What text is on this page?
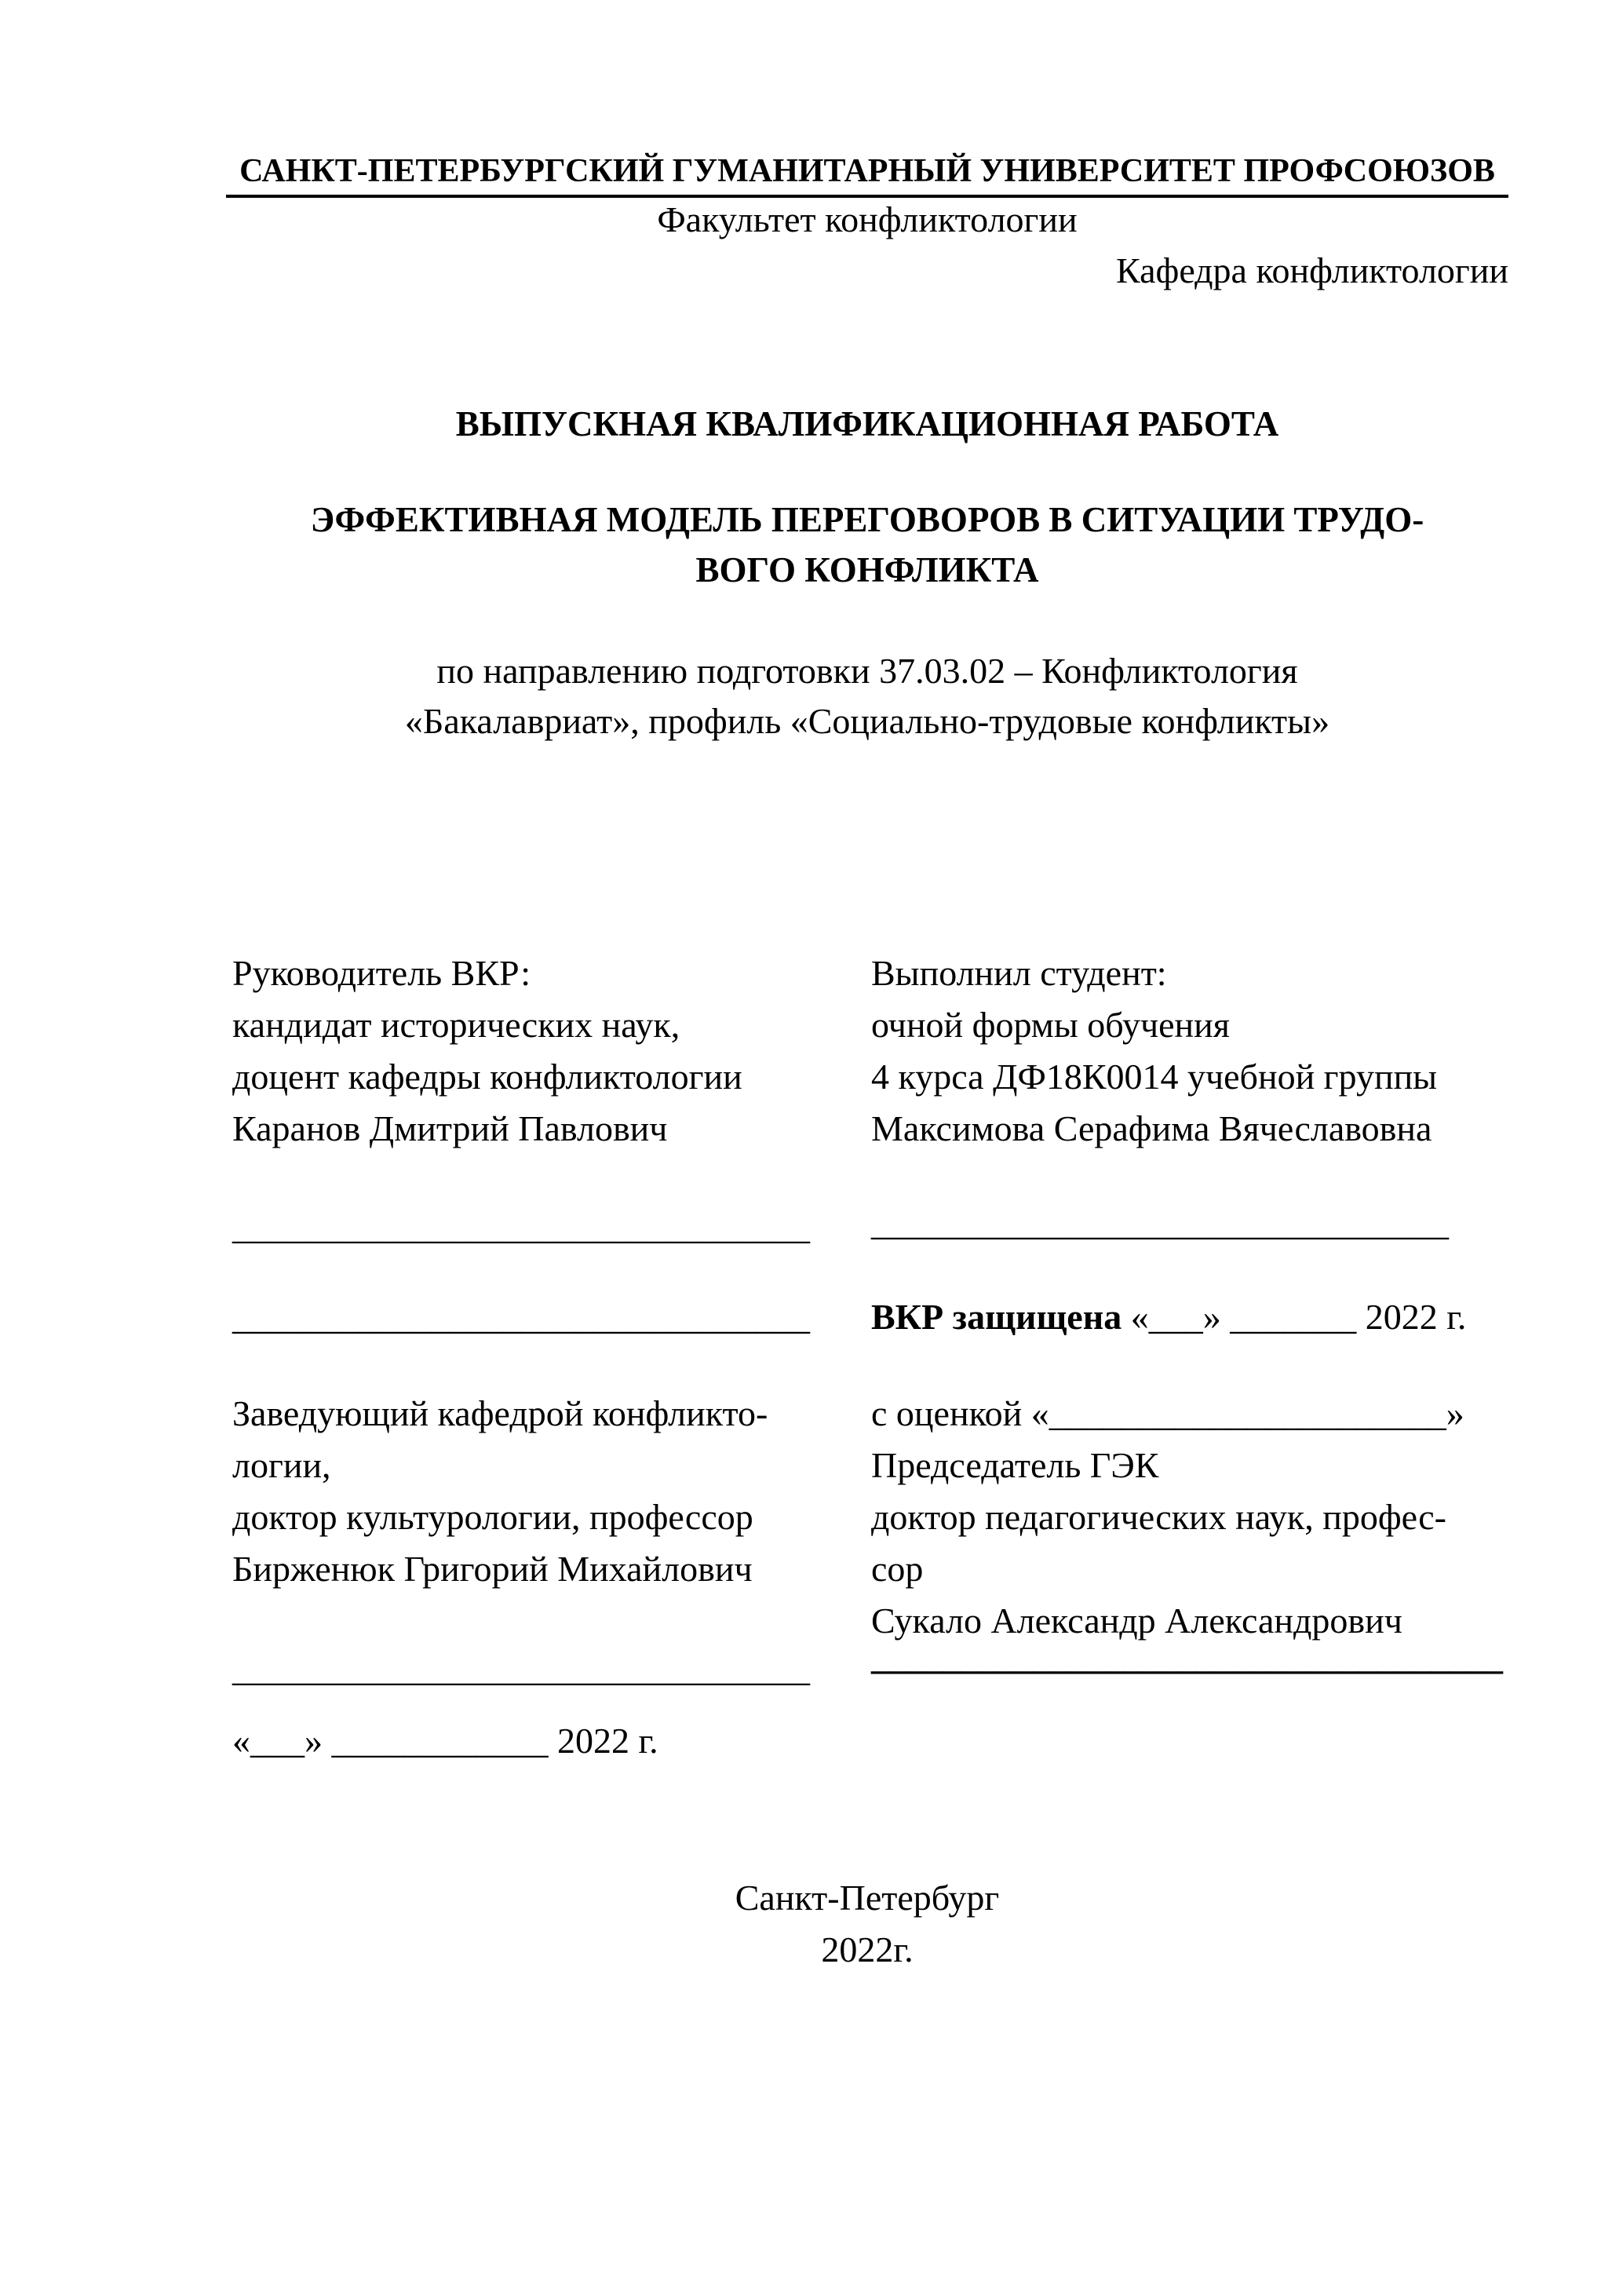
САНКТ-ПЕТЕРБУРГСКИЙ ГУМАНИТАРНЫЙ УНИВЕРСИТЕТ ПРОФСОЮЗОВ
Факультет конфликтологии
Кафедра конфликтологии
ВЫПУСКНАЯ КВАЛИФИКАЦИОННАЯ РАБОТА
ЭФФЕКТИВНАЯ МОДЕЛЬ ПЕРЕГОВОРОВ В СИТУАЦИИ ТРУДО-
ВОГО КОНФЛИКТА
по направлению подготовки 37.03.02 – Конфликтология
«Бакалавриат», профиль «Социально-трудовые конфликты»
Руководитель ВКР:
кандидат исторических наук,
доцент кафедры конфликтологии
Каранов Дмитрий Павлович
________________________________
________________________________
Заведующий кафедрой конфликто-
логии,
доктор культурологии, профессор
Бирженюк Григорий Михайлович
________________________________
«___» ____________ 2022 г.
Выполнил студент:
очной формы обучения
4 курса ДФ18К0014 учебной группы
Максимова Серафима Вячеславовна
________________________________
ВКР защищена «___» _______ 2022 г.
с оценкой «______________________»
Председатель ГЭК
доктор педагогических наук, профес-
сор
Сукало Александр Александрович
___________________________________
Санкт-Петербург
2022г.
